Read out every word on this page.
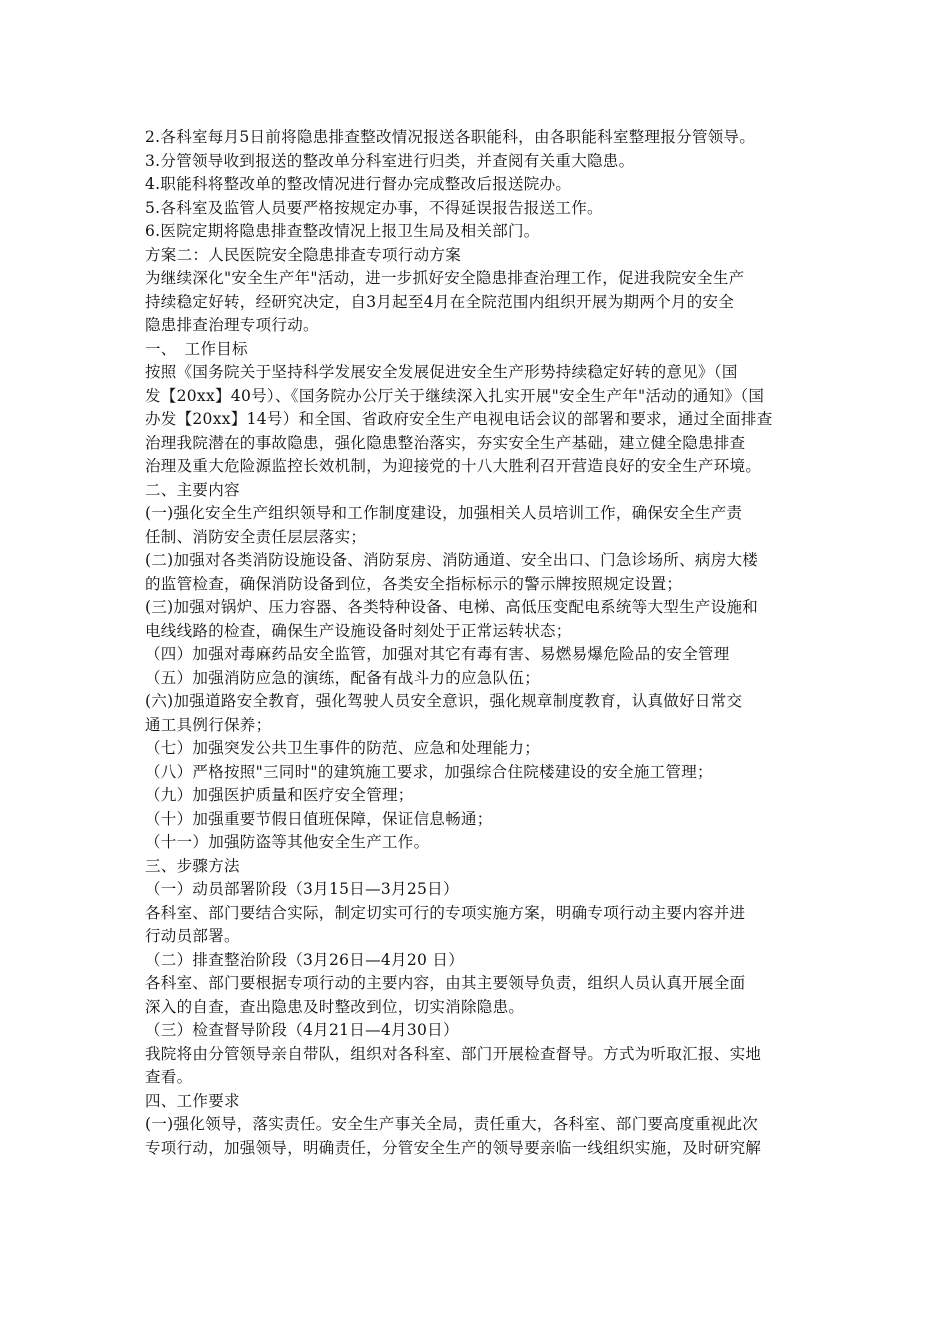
2.各科室每月5日前将隐患排查整改情况报送各职能科，由各职能科室整理报分管领导。
3.分管领导收到报送的整改单分科室进行归类，并查阅有关重大隐患。
4.职能科将整改单的整改情况进行督办完成整改后报送院办。
5.各科室及监管人员要严格按规定办事，不得延误报告报送工作。
6.医院定期将隐患排查整改情况上报卫生局及相关部门。
方案二：人民医院安全隐患排查专项行动方案
为继续深化"安全生产年"活动，进一步抓好安全隐患排查治理工作，促进我院安全生产
持续稳定好转，经研究决定，自3月起至4月在全院范围内组织开展为期两个月的安全
隐患排查治理专项行动。
一、　工作目标
按照《国务院关于坚持科学发展安全发展促进安全生产形势持续稳定好转的意见》（国
发【20xx】40号）、《国务院办公厅关于继续深入扎实开展"安全生产年"活动的通知》（国
办发【20xx】14号）和全国、省政府安全生产电视电话会议的部署和要求，通过全面排查
治理我院潜在的事故隐患，强化隐患整治落实，夯实安全生产基础，建立健全隐患排查
治理及重大危险源监控长效机制，为迎接党的十八大胜利召开营造良好的安全生产环境。
二、主要内容
(一)强化安全生产组织领导和工作制度建设，加强相关人员培训工作，确保安全生产责
任制、消防安全责任层层落实；
(二)加强对各类消防设施设备、消防泵房、消防通道、安全出口、门急诊场所、病房大楼
的监管检查，确保消防设备到位，各类安全指标标示的警示牌按照规定设置；
(三)加强对锅炉、压力容器、各类特种设备、电梯、高低压变配电系统等大型生产设施和
电线线路的检查，确保生产设施设备时刻处于正常运转状态；
（四）加强对毒麻药品安全监管，加强对其它有毒有害、易燃易爆危险品的安全管理
（五）加强消防应急的演练，配备有战斗力的应急队伍；
(六)加强道路安全教育，强化驾驶人员安全意识，强化规章制度教育，认真做好日常交
通工具例行保养；
（七）加强突发公共卫生事件的防范、应急和处理能力；
（八）严格按照"三同时"的建筑施工要求，加强综合住院楼建设的安全施工管理；
（九）加强医护质量和医疗安全管理；
（十）加强重要节假日值班保障，保证信息畅通；
（十一）加强防盗等其他安全生产工作。
三、步骤方法
（一）动员部署阶段（3月15日—3月25日）
各科室、部门要结合实际，制定切实可行的专项实施方案，明确专项行动主要内容并进
行动员部署。
（二）排查整治阶段（3月26日—4月20 日）
各科室、部门要根据专项行动的主要内容，由其主要领导负责，组织人员认真开展全面
深入的自查，查出隐患及时整改到位，切实消除隐患。
（三）检查督导阶段（4月21日—4月30日）
我院将由分管领导亲自带队，组织对各科室、部门开展检查督导。方式为听取汇报、实地
查看。
四、工作要求
(一)强化领导，落实责任。安全生产事关全局，责任重大，各科室、部门要高度重视此次
专项行动，加强领导，明确责任，分管安全生产的领导要亲临一线组织实施，及时研究解
